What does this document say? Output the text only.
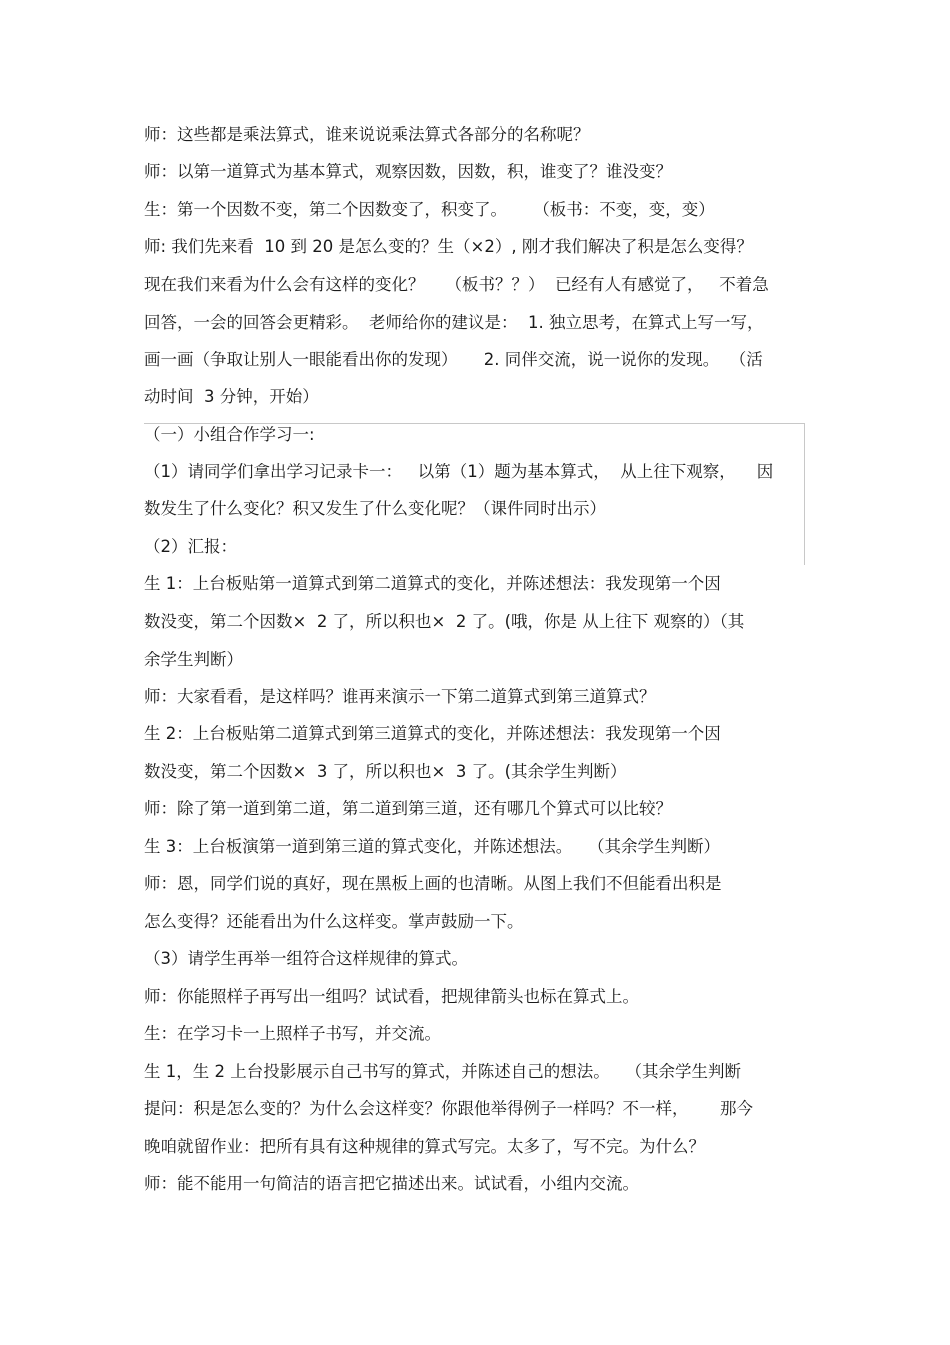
师：这些都是乘法算式，谁来说说乘法算式各部分的名称呢？

师：以第一道算式为基本算式，观察因数，因数，积，谁变了？谁没变？

生：第一个因数不变，第二个因数变了，积变了。     （板书：不变，变，变）

师: 我们先来看  10 到 20 是怎么变的？生（×2）, 刚才我们解决了积是怎么变得？

现在我们来看为什么会有这样的变化？    （板书？？）  已经有人有感觉了，   不着急

回答，一会的回答会更精彩。  老师给你的建议是：  1. 独立思考，在算式上写一写，

画一画（争取让别人一眼能看出你的发现）     2. 同伴交流，说一说你的发现。  （活

动时间  3 分钟，开始）

（一）小组合作学习一:

（1）请同学们拿出学习记录卡一：   以第（1）题为基本算式，  从上往下观察，    因

数发生了什么变化？积又发生了什么变化呢？（课件同时出示）

（2）汇报：

生 1：上台板贴第一道算式到第二道算式的变化，并陈述想法：我发现第一个因

数没变，第二个因数×  2 了，所以积也×  2 了。(哦，你是 从上往下 观察的）（其

余学生判断）

师：大家看看，是这样吗？谁再来演示一下第二道算式到第三道算式？

生 2：上台板贴第二道算式到第三道算式的变化，并陈述想法：我发现第一个因

数没变，第二个因数×  3 了，所以积也×  3 了。(其余学生判断）

师：除了第一道到第二道，第二道到第三道，还有哪几个算式可以比较？

生 3：上台板演第一道到第三道的算式变化，并陈述想法。   （其余学生判断）

师：恩，同学们说的真好，现在黑板上画的也清晰。从图上我们不但能看出积是

怎么变得？还能看出为什么这样变。掌声鼓励一下。

（3）请学生再举一组符合这样规律的算式。

师：你能照样子再写出一组吗？试试看，把规律箭头也标在算式上。

生：在学习卡一上照样子书写，并交流。

生 1，生 2 上台投影展示自己书写的算式，并陈述自己的想法。   （其余学生判断

提问：积是怎么变的？为什么会这样变？你跟他举得例子一样吗？不一样，      那今

晚咱就留作业：把所有具有这种规律的算式写完。太多了，写不完。为什么？

师：能不能用一句简洁的语言把它描述出来。试试看，小组内交流。
